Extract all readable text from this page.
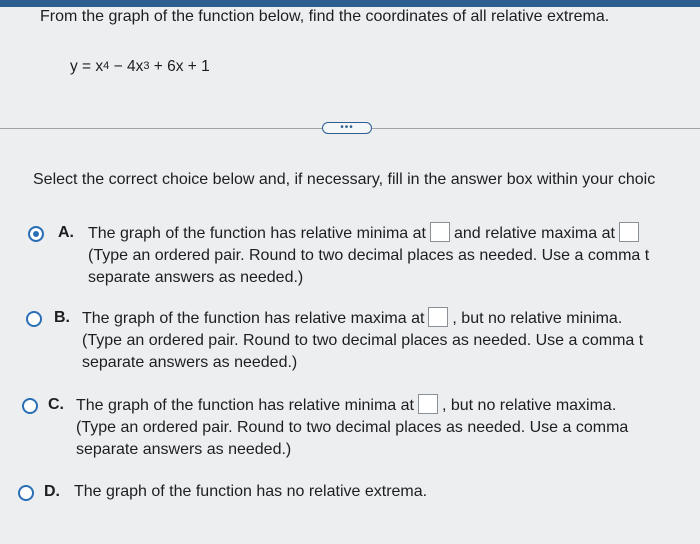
From the graph of the function below, find the coordinates of all relative extrema.
$y = x^4 - 4x^3 + 6x + 1$
•••
Select the correct choice below and, if necessary, fill in the answer box within your choic
A. The graph of the function has relative minima at and relative maxima at
(Type an ordered pair. Round to two decimal places as needed. Use a comma t
separate answers as needed.)
B. The graph of the function has relative maxima at , but no relative minima.
(Type an ordered pair. Round to two decimal places as needed. Use a comma t
separate answers as needed.)
C. The graph of the function has relative minima at , but no relative maxima.
(Type an ordered pair. Round to two decimal places as needed. Use a comma
separate answers as needed.)
D. The graph of the function has no relative extrema.
